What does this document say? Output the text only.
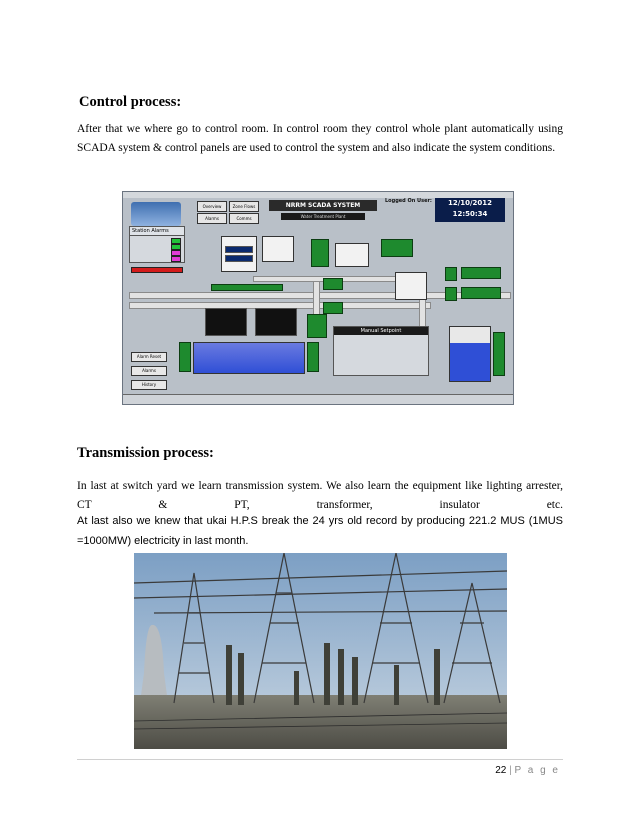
Control process:
After that we where go to control room. In control room they control whole plant automatically using SCADA system & control panels are used to control the system and also indicate the system conditions.
Overview	Zone Flows
Alarms	Comms
NRRM SCADA SYSTEM
Water Treatment Plant
Logged On User:	12/10/2012
12:50:34
Station Alarms
Manual Setpoint
Alarm Reset
Alarms
History
Transmission process:
In last at switch yard we learn transmission system. We also learn the equipment like lighting arrester, CT & PT, transformer, insulator etc.
At last also we knew that ukai H.P.S break the 24 yrs old record by producing 221.2 MUS (1MUS =1000MW) electricity in last month.
22 | P a g e
